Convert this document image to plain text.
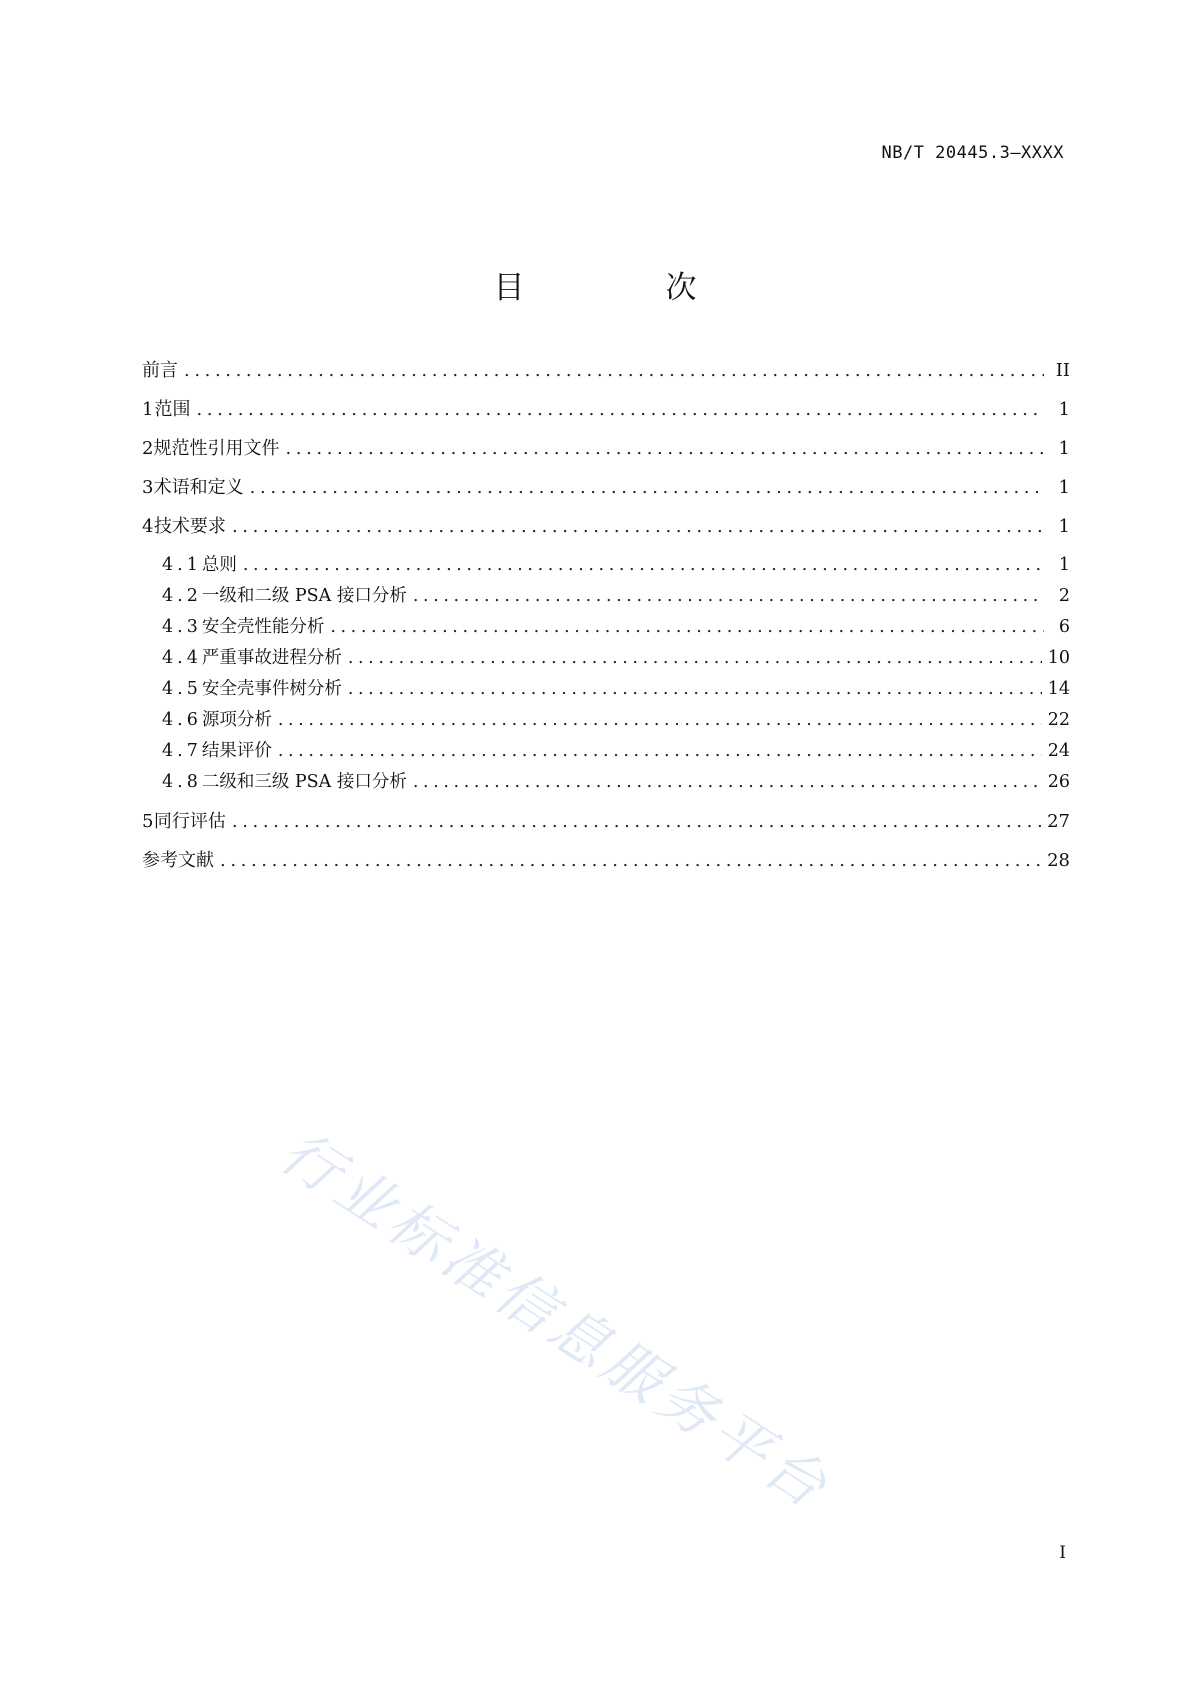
NB/T 20445.3—XXXX
目　次
前言 .....	II
1 范围 .....	1
2 规范性引用文件 .....	1
3 术语和定义 .....	1
4 技术要求 .....	1
4.1 总则 .....	1
4.2 一级和二级 PSA 接口分析 .....	2
4.3 安全壳性能分析 .....	6
4.4 严重事故进程分析 .....	10
4.5 安全壳事件树分析 .....	14
4.6 源项分析 .....	22
4.7 结果评价 .....	24
4.8 二级和三级 PSA 接口分析 .....	26
5 同行评估 .....	27
参考文献 .....	28
行业标准信息服务平台
I
